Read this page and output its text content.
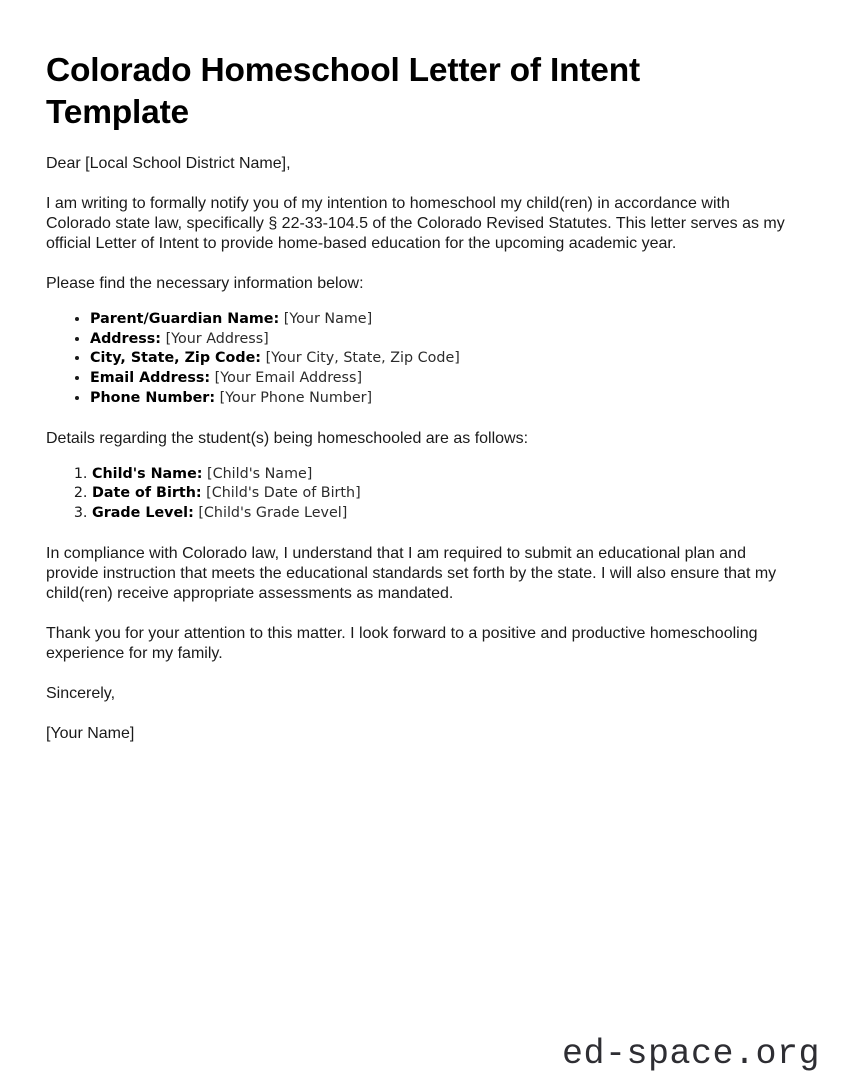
Colorado Homeschool Letter of Intent Template

Dear [Local School District Name],

I am writing to formally notify you of my intention to homeschool my child(ren) in accordance with Colorado state law, specifically § 22-33-104.5 of the Colorado Revised Statutes. This letter serves as my official Letter of Intent to provide home-based education for the upcoming academic year.

Please find the necessary information below:

• Parent/Guardian Name: [Your Name]
• Address: [Your Address]
• City, State, Zip Code: [Your City, State, Zip Code]
• Email Address: [Your Email Address]
• Phone Number: [Your Phone Number]

Details regarding the student(s) being homeschooled are as follows:

1. Child's Name: [Child's Name]
2. Date of Birth: [Child's Date of Birth]
3. Grade Level: [Child's Grade Level]

In compliance with Colorado law, I understand that I am required to submit an educational plan and provide instruction that meets the educational standards set forth by the state. I will also ensure that my child(ren) receive appropriate assessments as mandated.

Thank you for your attention to this matter. I look forward to a positive and productive homeschooling experience for my family.

Sincerely,

[Your Name]

ed-space.org
